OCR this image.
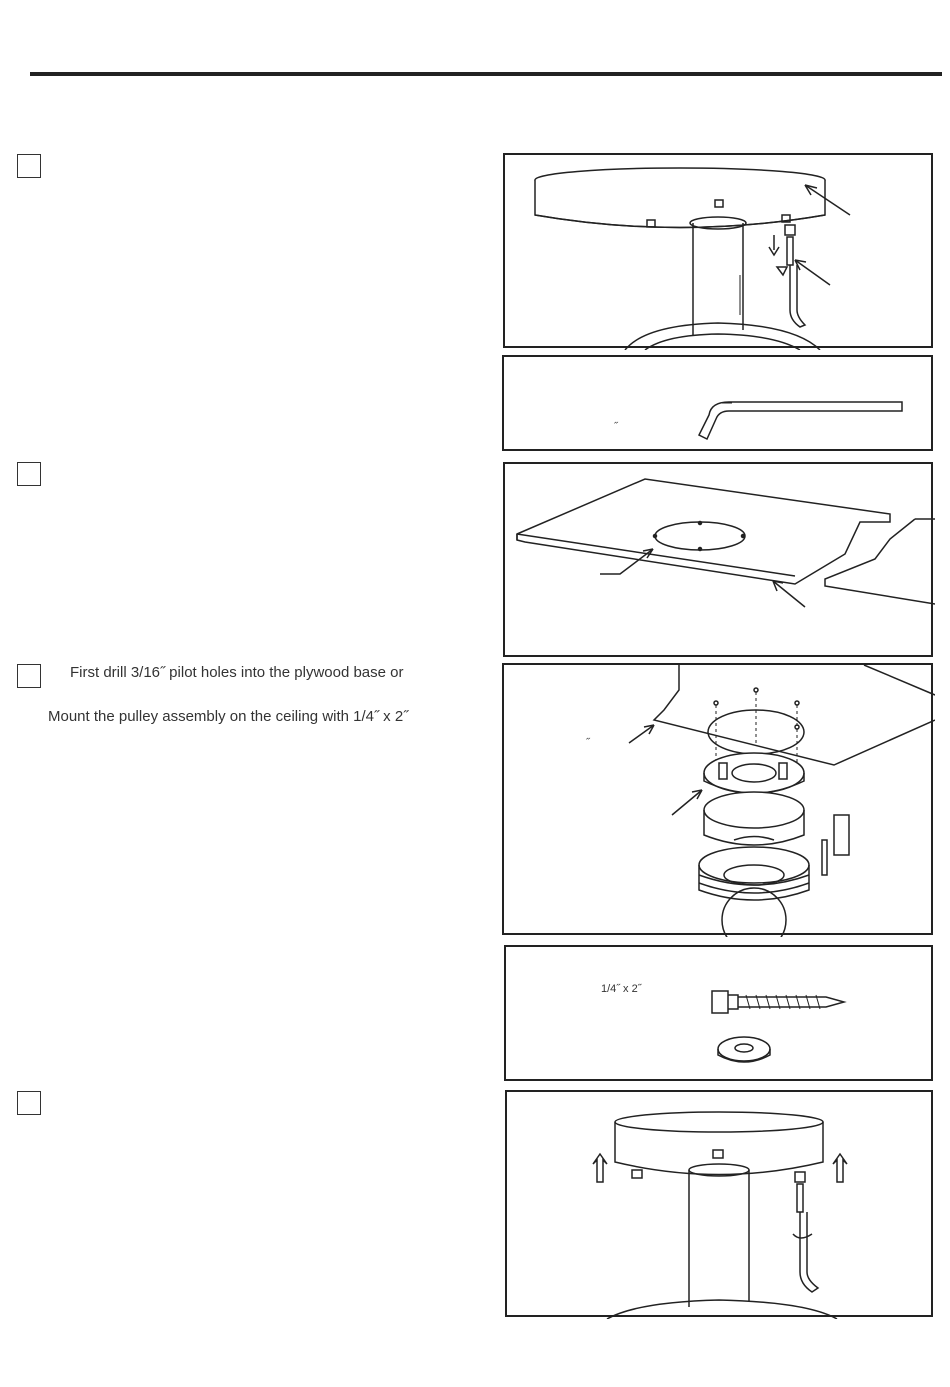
First drill 3/16˝ pilot holes into the plywood base or
Mount the pulley assembly on the ceiling with 1/4˝ x 2˝
˝
˝
1/4˝ x 2˝
